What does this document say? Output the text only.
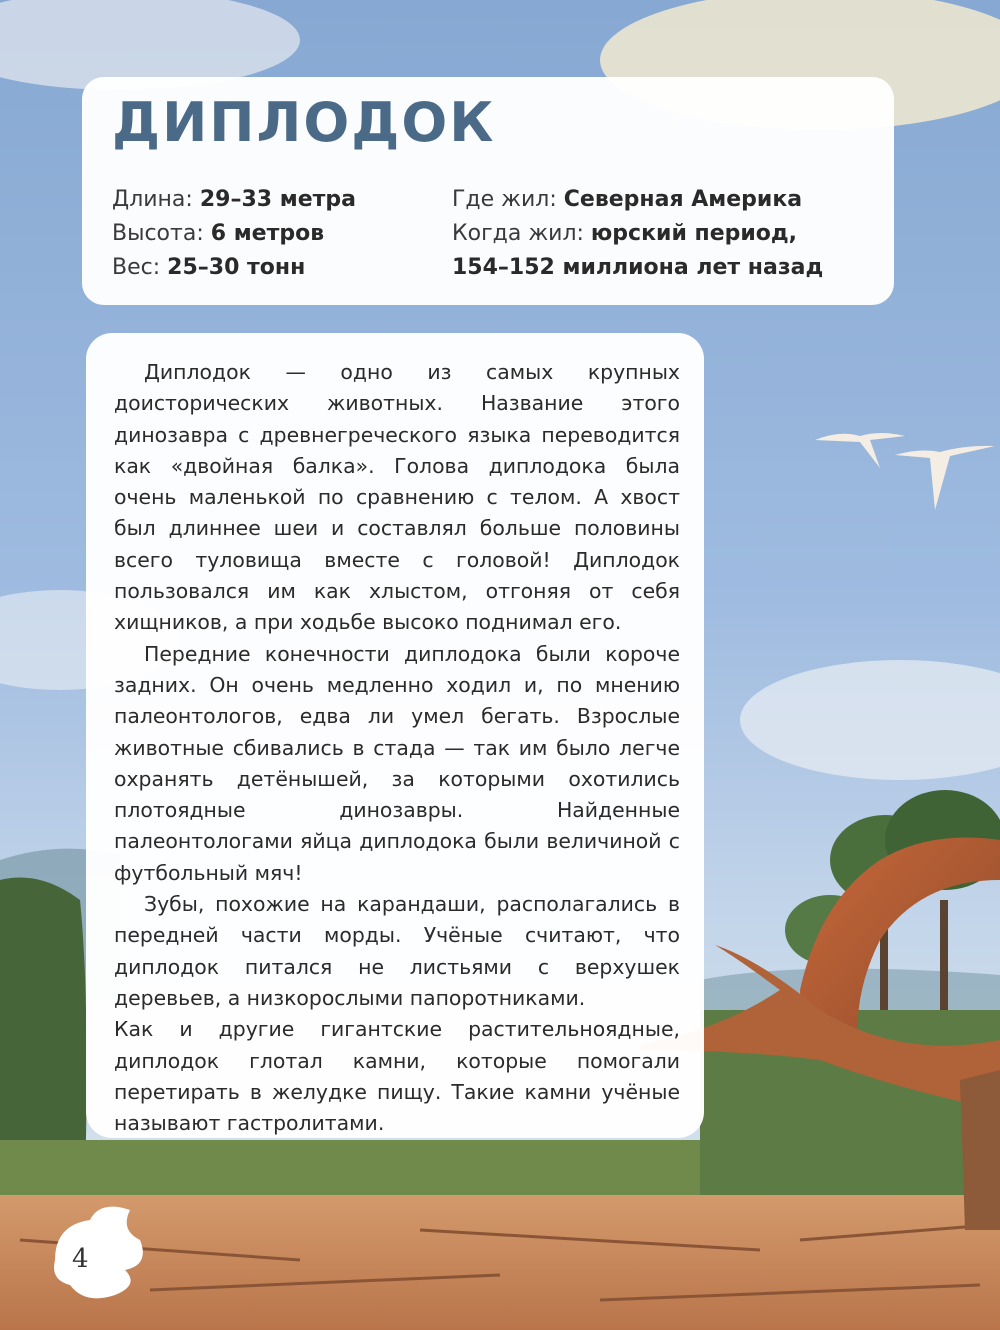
ДИПЛОДОК
Длина: 29–33 метра
Высота: 6 метров
Вес: 25–30 тонн
Где жил: Северная Америка
Когда жил: юрский период,
154–152 миллиона лет назад

Диплодок — одно из самых крупных доисторических животных. Название этого динозавра с древнегреческого языка переводится как «двойная балка». Голова диплодока была очень маленькой по сравнению с телом. А хвост был длиннее шеи и составлял больше половины всего туловища вместе с головой! Диплодок пользовался им как хлыстом, отгоняя от себя хищников, а при ходьбе высоко поднимал его.

Передние конечности диплодока были короче задних. Он очень медленно ходил и, по мнению палеонтологов, едва ли умел бегать. Взрослые животные сбивались в стада — так им было легче охранять детёнышей, за которыми охотились плотоядные динозавры. Найденные палеонтологами яйца диплодока были величиной с футбольный мяч!

Зубы, похожие на карандаши, располагались в передней части морды. Учёные считают, что диплодок питался не листьями с верхушек деревьев, а низкорослыми папоротниками.

Как и другие гигантские растительноядные, диплодок глотал камни, которые помогали перетирать в желудке пищу. Такие камни учёные называют гастролитами.

4
